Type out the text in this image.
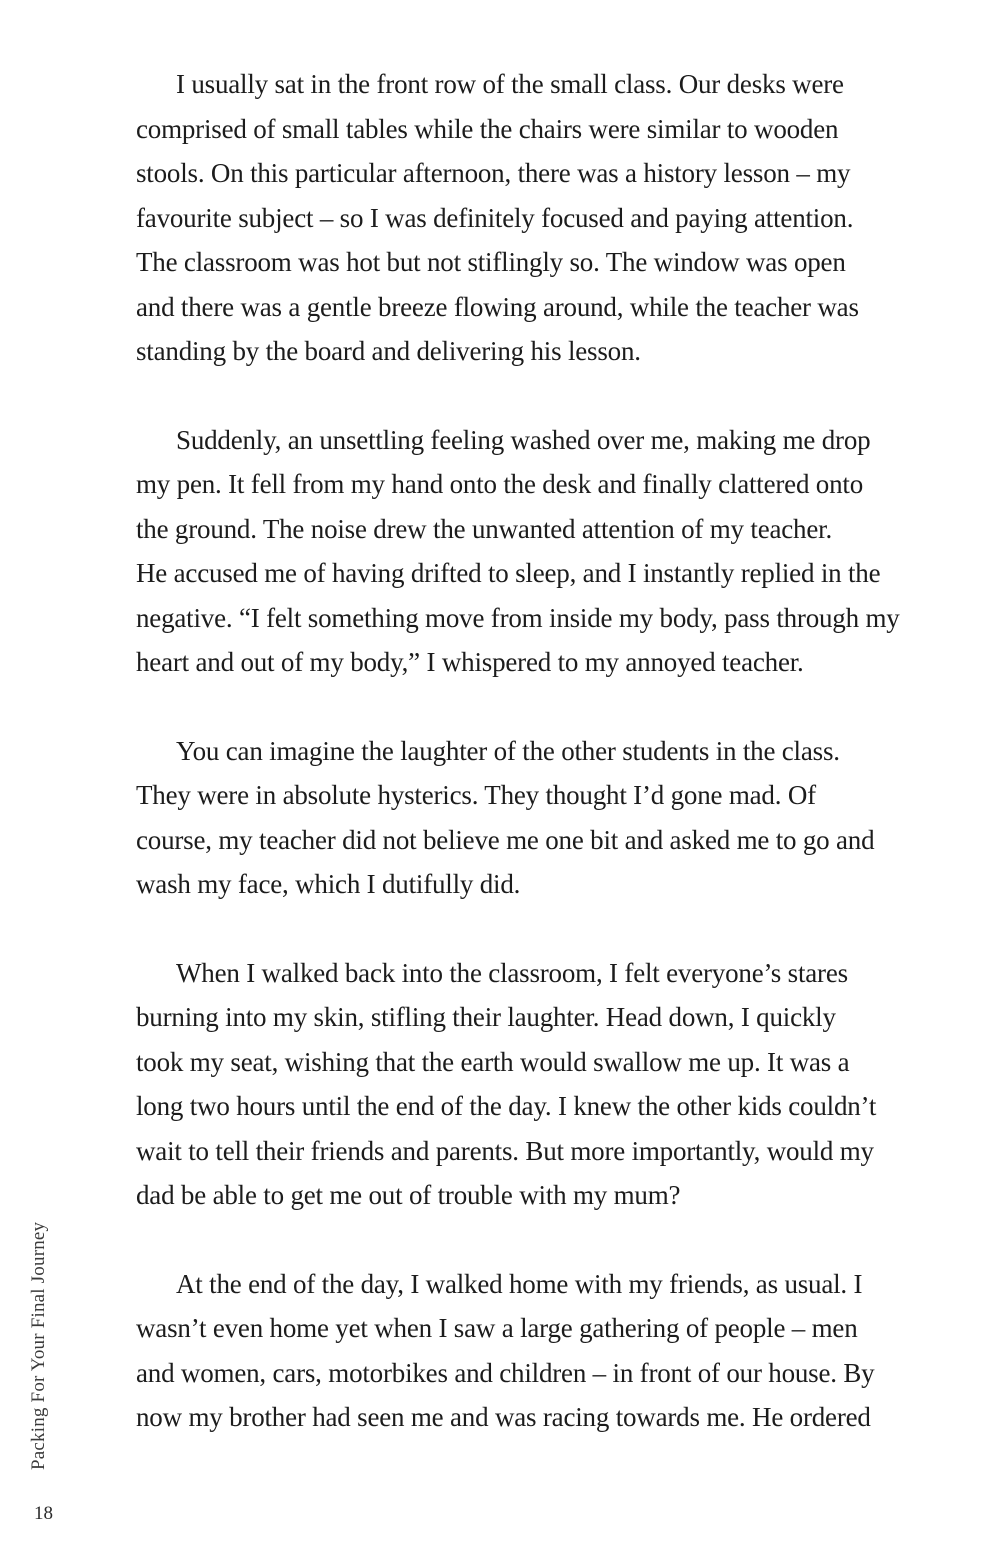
I usually sat in the front row of the small class. Our desks were
comprised of small tables while the chairs were similar to wooden
stools. On this particular afternoon, there was a history lesson – my
favourite subject – so I was definitely focused and paying attention.
The classroom was hot but not stiflingly so. The window was open
and there was a gentle breeze flowing around, while the teacher was
standing by the board and delivering his lesson.
Suddenly, an unsettling feeling washed over me, making me drop
my pen. It fell from my hand onto the desk and finally clattered onto
the ground. The noise drew the unwanted attention of my teacher.
He accused me of having drifted to sleep, and I instantly replied in the
negative. “I felt something move from inside my body, pass through my
heart and out of my body,” I whispered to my annoyed teacher.
You can imagine the laughter of the other students in the class.
They were in absolute hysterics. They thought I’d gone mad. Of
course, my teacher did not believe me one bit and asked me to go and
wash my face, which I dutifully did.
When I walked back into the classroom, I felt everyone’s stares
burning into my skin, stifling their laughter. Head down, I quickly
took my seat, wishing that the earth would swallow me up. It was a
long two hours until the end of the day. I knew the other kids couldn’t
wait to tell their friends and parents. But more importantly, would my
dad be able to get me out of trouble with my mum?
At the end of the day, I walked home with my friends, as usual. I
wasn’t even home yet when I saw a large gathering of people – men
and women, cars, motorbikes and children – in front of our house. By
now my brother had seen me and was racing towards me. He ordered
Packing For Your Final Journey
18
